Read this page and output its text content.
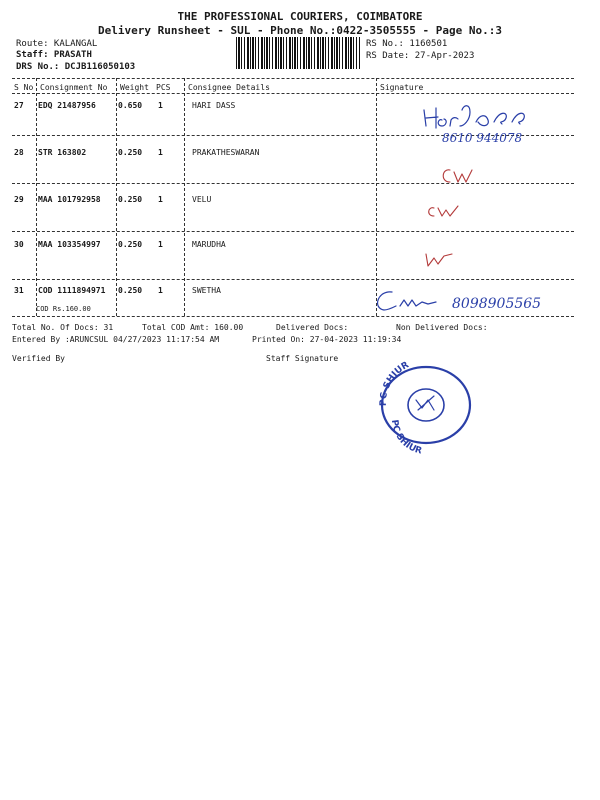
THE PROFESSIONAL COURIERS, COIMBATORE
Delivery Runsheet - SUL - Phone No.:0422-3505555 - Page No.:3
Route: KALANGAL
Staff: PRASATH
DRS No.: DCJB116050103
RS No.: 1160501
RS Date: 27-Apr-2023
S No Consignment No Weight PCS Consignee Details	Signature
27 EDQ 21487956	0.650 1	HARI DASS
28 STR 163802	0.250 1	PRAKATHESWARAN
29 MAA 101792958 0.250 1	VELU
30 MAA 103354997 0.250 1	MARUDHA
31 COD 1111894971 0.250 1	SWETHA
COD Rs.160.00
8610 944078
8098905565
Total No. Of Docs: 31	Total COD Amt: 160.00	Delivered Docs:	Non Delivered Docs:
Entered By :ARUNCSUL 04/27/2023 11:17:54 AM	Printed On: 27-04-2023 11:19:34
Verified By	Staff Signature
PC-SHIUR
PC SHIUR
